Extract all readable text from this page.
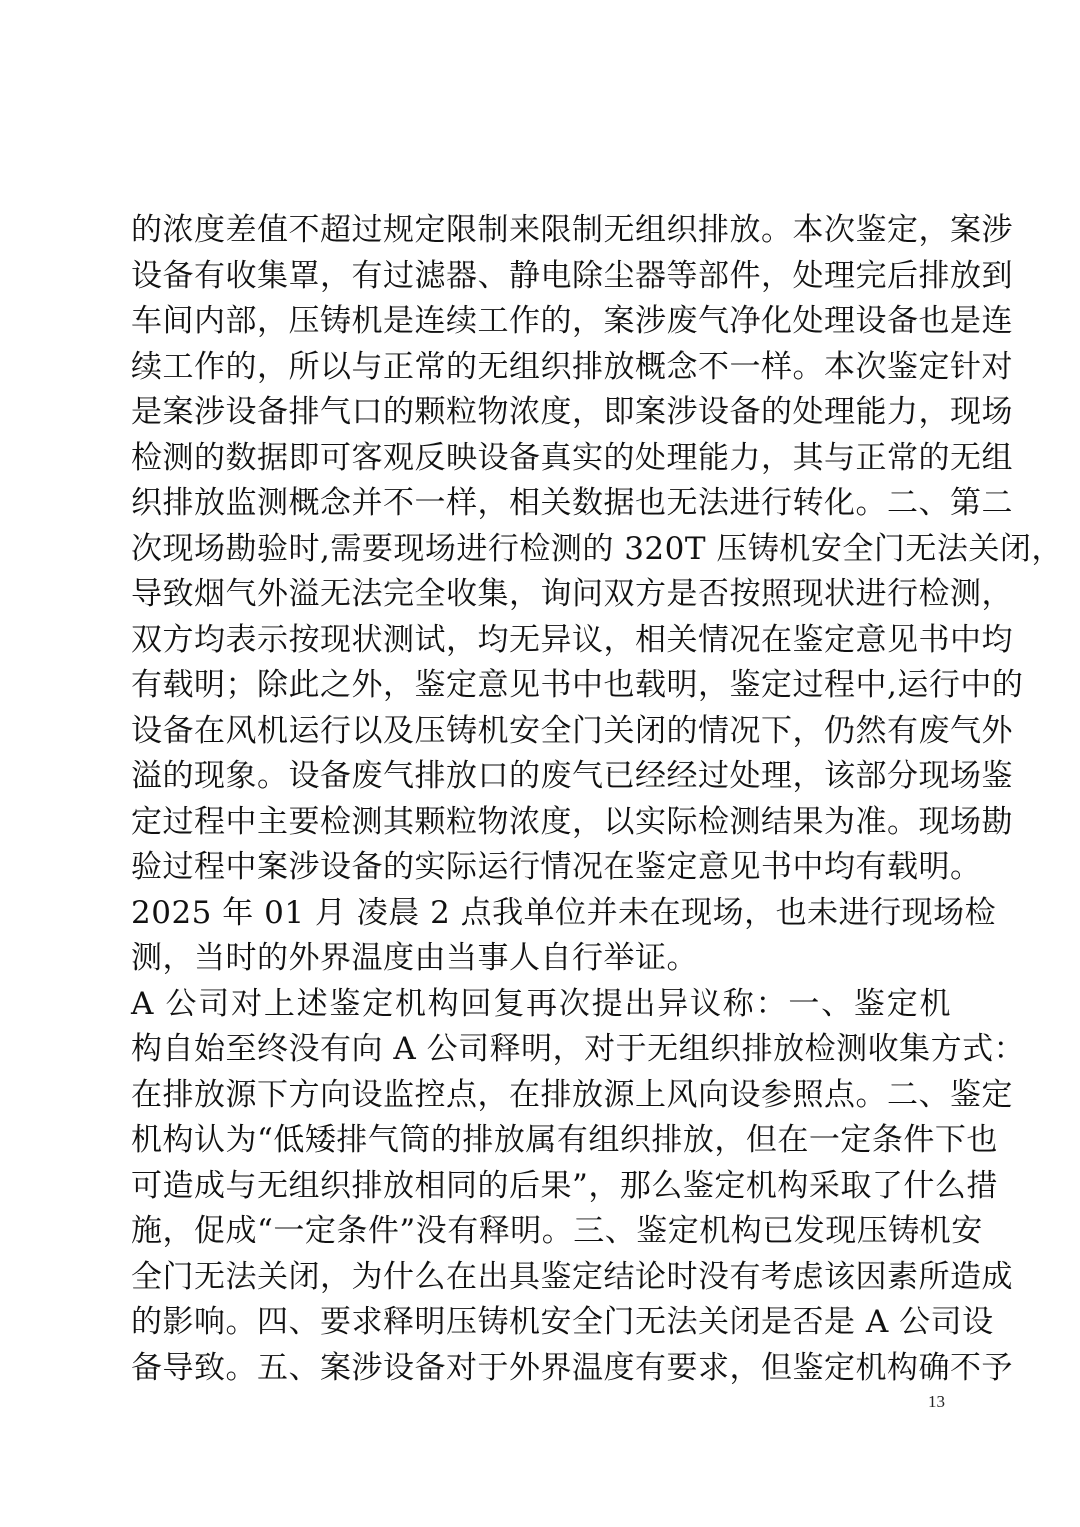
的浓度差值不超过规定限制来限制无组织排放。本次鉴定，案涉
设备有收集罩，有过滤器、静电除尘器等部件，处理完后排放到
车间内部，压铸机是连续工作的，案涉废气净化处理设备也是连
续工作的，所以与正常的无组织排放概念不一样。本次鉴定针对
是案涉设备排气口的颗粒物浓度，即案涉设备的处理能力，现场
检测的数据即可客观反映设备真实的处理能力，其与正常的无组
织排放监测概念并不一样，相关数据也无法进行转化。二、第二
次现场勘验时,需要现场进行检测的 320T 压铸机安全门无法关闭，
导致烟气外溢无法完全收集，询问双方是否按照现状进行检测，
双方均表示按现状测试，均无异议，相关情况在鉴定意见书中均
有载明；除此之外，鉴定意见书中也载明，鉴定过程中,运行中的
设备在风机运行以及压铸机安全门关闭的情况下，仍然有废气外
溢的现象。设备废气排放口的废气已经经过处理，该部分现场鉴
定过程中主要检测其颗粒物浓度，以实际检测结果为准。现场勘
验过程中案涉设备的实际运行情况在鉴定意见书中均有载明。
2025 年 01 月 凌晨 2 点我单位并未在现场，也未进行现场检
测，当时的外界温度由当事人自行举证。
A 公司对上述鉴定机构回复再次提出异议称：一、鉴定机
构自始至终没有向 A 公司释明，对于无组织排放检测收集方式：
在排放源下方向设监控点，在排放源上风向设参照点。二、鉴定
机构认为“低矮排气筒的排放属有组织排放，但在一定条件下也
可造成与无组织排放相同的后果”，那么鉴定机构采取了什么措
施，促成“一定条件”没有释明。三、鉴定机构已发现压铸机安
全门无法关闭，为什么在出具鉴定结论时没有考虑该因素所造成
的影响。四、要求释明压铸机安全门无法关闭是否是 A 公司设
备导致。五、案涉设备对于外界温度有要求，但鉴定机构确不予
13
